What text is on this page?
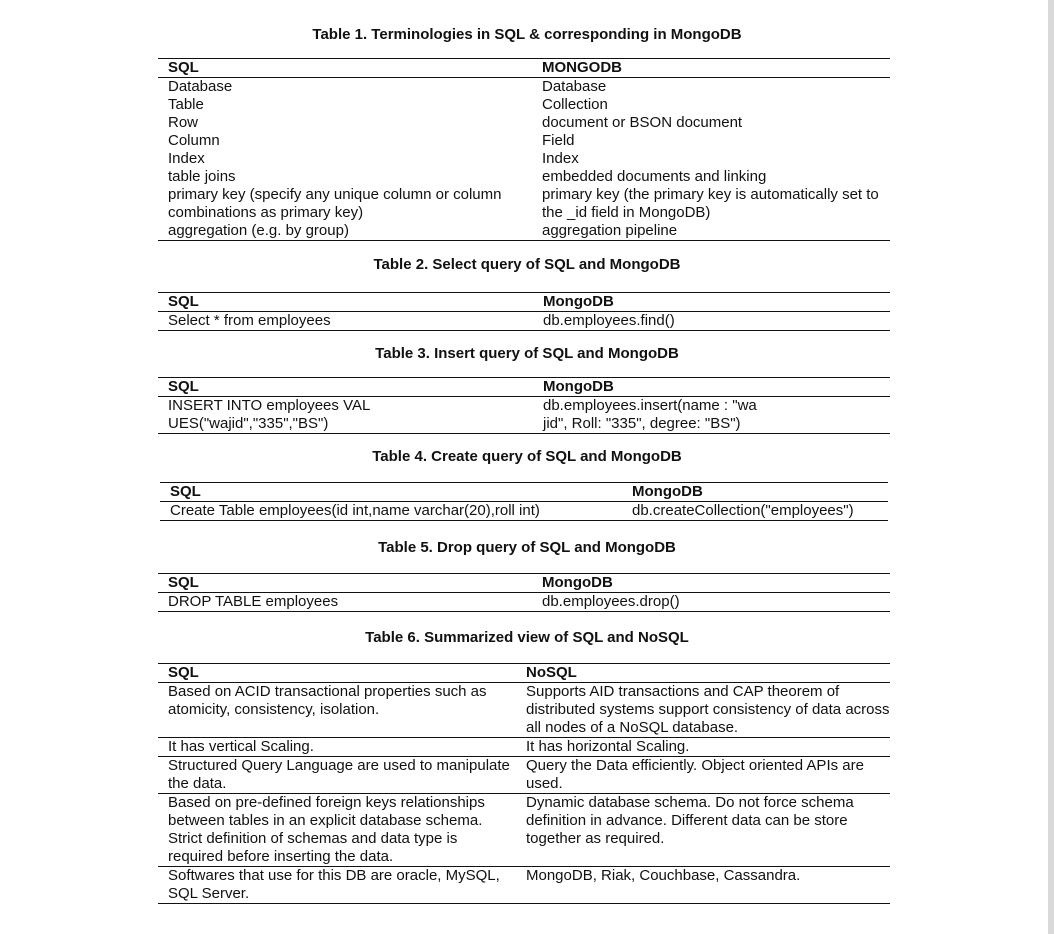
Table 1. Terminologies in SQL & corresponding in MongoDB
SQL	MONGODB
Database	Database
Table	Collection
Row	document or BSON document
Column	Field
Index	Index
table joins	embedded documents and linking
primary key (specify any unique column or column combinations as primary key)	primary key (the primary key is automatically set to the _id field in MongoDB)
aggregation (e.g. by group)	aggregation pipeline
Table 2. Select query of SQL and MongoDB
SQL	MongoDB
Select * from employees	db.employees.find()
Table 3. Insert query of SQL and MongoDB
SQL	MongoDB
INSERT INTO employees VAL UES("wajid","335","BS")	db.employees.insert(name : "wa jid", Roll: "335", degree: "BS")
Table 4. Create query of SQL and MongoDB
SQL	MongoDB
Create Table employees(id int,name varchar(20),roll int)	db.createCollection("employees")
Table 5. Drop query of SQL and MongoDB
SQL	MongoDB
DROP TABLE employees	db.employees.drop()
Table 6. Summarized view of SQL and NoSQL
SQL	NoSQL
Based on ACID transactional properties such as atomicity, consistency, isolation.	Supports AID transactions and CAP theorem of distributed systems support consistency of data across all nodes of a NoSQL database.
It has vertical Scaling.	It has horizontal Scaling.
Structured Query Language are used to manipulate the data.	Query the Data efficiently. Object oriented APIs are used.
Based on pre-defined foreign keys relationships between tables in an explicit database schema. Strict definition of schemas and data type is required before inserting the data.	Dynamic database schema. Do not force schema definition in advance. Different data can be store together as required.
Softwares that use for this DB are oracle, MySQL, SQL Server.	MongoDB, Riak, Couchbase, Cassandra.
